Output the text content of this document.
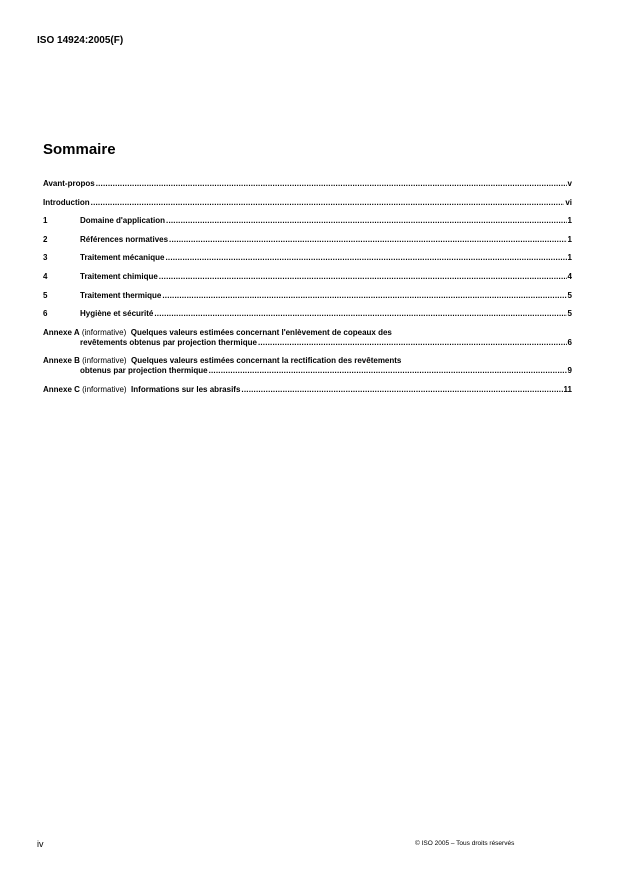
ISO 14924:2005(F)
Sommaire
Avant-propos .....	v
Introduction .....	vi
1	Domaine d'application .....	1
2	Références normatives .....	1
3	Traitement mécanique .....	1
4	Traitement chimique .....	4
5	Traitement thermique .....	5
6	Hygiène et sécurité .....	5
Annexe A (informative) Quelques valeurs estimées concernant l'enlèvement de copeaux des
revêtements obtenus par projection thermique .....	6
Annexe B (informative) Quelques valeurs estimées concernant la rectification des revêtements
obtenus par projection thermique .....	9
Annexe C (informative) Informations sur les abrasifs .....	11
iv	© ISO 2005 – Tous droits réservés
